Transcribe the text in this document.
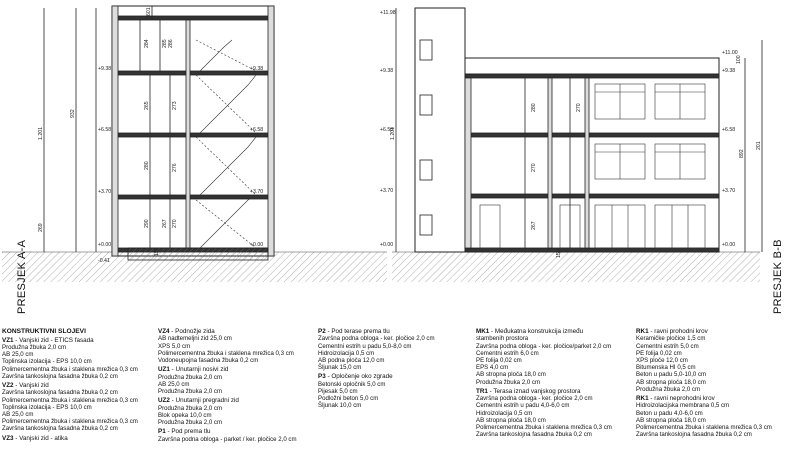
284 285 286
273
280	276
265
270
290 267
150
601
932
1.201
269
+9.38
+6.58
+3.70
+0.00
-0.41
+9.38
+6.58
+3.70
+0.00
280
270
270
267
150
100
892
1.201
201
+11.98
+9.38
+6.58
+3.70
+0.00
+11.00
+9.38
+6.58
+3.70
+0.00
PRESJEK A-A	PRESJEK B-B
KONSTRUKTIVNI SLOJEVI
VZ1 - Vanjski zid - ETICS fasada
Produžna žbuka 2,0 cm
AB 25,0 cm
Toplinska izolacija - EPS 10,0 cm
Polimercementna žbuka i staklena mrežica 0,3 cm
Završna tankoslojna fasadna žbuka 0,2 cm
VZ2 - Vanjski zid
Završna tankoslojna fasadna žbuka 0,2 cm
Polimercementna žbuka i staklena mrežica 0,3 cm
Toplinska izolacija - EPS 10,0 cm
AB 25,0 cm
Polimercementna žbuka i staklena mrežica 0,3 cm
Završna tankoslojna fasadna žbuka 0,2 cm
VZ3 - Vanjski zid - atika
VZ4 - Podnožje zida
AB nadtemeljni zid 25,0 cm
XPS 5,0 cm
Polimercementna žbuka i staklena mrežica 0,3 cm
Vodoneupojna fasadna žbuka 0,2 cm
UZ1 - Unutarnji nosivi zid
Produžna žbuka 2,0 cm
AB 25,0 cm
Produžna žbuka 2,0 cm
UZ2 - Unutarnji pregradni zid
Produžna žbuka 2,0 cm
Blok opeka 10,0 cm
Produžna žbuka 2,0 cm
P1 - Pod prema tlu
Završna podna obloga - parket / ker. pločice 2,0 cm
P2 - Pod terase prema tlu
Završna podna obloga - ker. pločice 2,0 cm
Cementni estrih u padu 5,0-8,0 cm
Hidroizolacija 0,5 cm
AB podna ploča 12,0 cm
Šljunak 15,0 cm
P3 - Opločenje oko zgrade
Betonski opločnik 5,0 cm
Pijesak 5,0 cm
Podložni beton 5,0 cm
Šljunak 10,0 cm
MK1 - Međukatna konstrukcija između
stambenih prostora
Završna podna obloga - ker. pločice/parket 2,0 cm
Cementni estrih 6,0 cm
PE folija 0,02 cm
EPS 4,0 cm
AB stropna ploča 18,0 cm
Produžna žbuka 2,0 cm
TR1 - Terasa iznad vanjskog prostora
Završna podna obloga - ker. pločice 2,0 cm
Cementni estrih u padu 4,0-6,0 cm
Hidroizolacija 0,5 cm
AB stropna ploča 18,0 cm
Polimercementna žbuka i staklena mrežica 0,3 cm
Završna tankoslojna fasadna žbuka 0,2 cm
RK1 - ravni prohodni krov
Keramičke pločice 1,5 cm
Cementni estrih 5,0 cm
PE folija 0,02 cm
XPS ploče 12,0 cm
Bitumenska HI 0,5 cm
Beton u padu 5,0-10,0 cm
AB stropna ploča 18,0 cm
Produžna žbuka 2,0 cm
RK1 - ravni neprohodni krov
Hidroizolacijska membrana 0,5 cm
Beton u padu 4,0-6,0 cm
AB stropna ploča 18,0 cm
Polimercementna žbuka i staklena mrežica 0,3 cm
Završna tankoslojna fasadna žbuka 0,2 cm
